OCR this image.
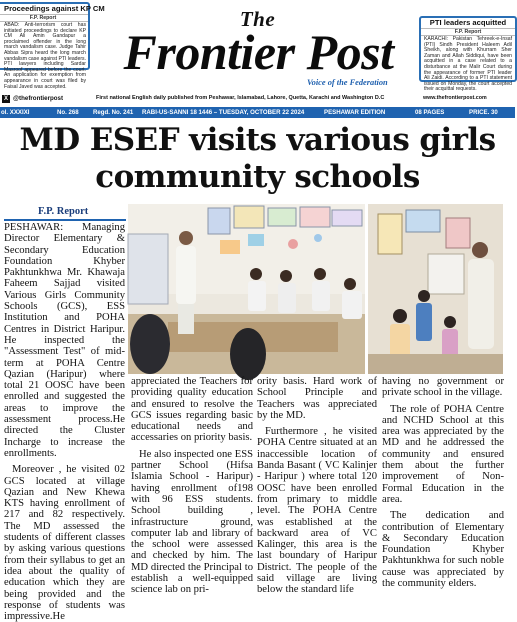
Proceedings against KP CM
F.P. Report
ABAD: Anti-terrorism court has initiated proceedings to declare KP CM Ali Amin Gandapur a proclaimed offender in the long march vandalism case. Judge Tahir Abbas Sipra heard the long march vandalism case against PTI leaders. PTI lawyers including Sardar Masroof appeared before the court. An application for exemption from appearance in court was filed by Faisal Javed was accepted.
The
Frontier Post
Voice of the Federation
PTI leaders acquitted
F.P. Report
KARACHI: Pakistan Tehreek-e-Insaf (PTI) Sindh President Haleem Adil Sheikh, along with Khurram Sher Zaman and Allah Siddiqui, have been acquitted in a case related to a disturbance at the Malir Court during the appearance of former PTI leader Ali Zaidi. According to a PTI statement issued on Monday, the court accepted their acquittal requests.
X @thefrontierpost	First national English daily published from Peshawar, Islamabad, Lahore, Quetta, Karachi and Washington D.C	www.thefrontierpost.com
ol. XXXIXI	No. 268 Regd. No. 241 RABI-US-SANNI 18 1446 – TUESDAY, OCTOBER 22 2024	PESHAWAR EDITION	08 PAGES	PRICE. 30
MD ESEF visits various girls community schools
F.P. Report

PESHAWAR: Managing Director Elementary & Secondary Education Foundation Khyber Pakhtunkhwa Mr. Khawaja Faheem Sajjad visited Various Girls Community Schools (GCS), ESS Institution and POHA Centres in District Haripur. He inspected the "Assessment Test" of mid-term at POHA Centre Qazian (Haripur) where total 21 OOSC have been enrolled and suggested the areas to improve the assessment process.He directed the Cluster Incharge to increase the enrollments.

Moreover , he visited 02 GCS located at village Qazian and New Khewa KTS having enrollment of 217 and 82 respectively. The MD assessed the students of different classes by asking various questions from their syllabus to get an idea about the quality of education which they are being provided and the response of students was impressive.He

appreciated the Teachers for providing quality education and ensured to resolve the GCS issues regarding basic educational needs and accessaries on priority basis.

He also inspected one ESS partner School (Hifsa Islamia School - Haripur) having enrollment of198 with 96 ESS students. School building , infrastructure ground, computer lab and library of the school were assessed and checked by him. The MD directed the Principal to establish a well-equipped science lab on pri-

ority basis. Hard work of School Principle and Teachers was appreciated by the MD.

Furthermore , he visited POHA Centre situated at an inaccessible location of Banda Basant ( VC Kalinjer - Haripur ) where total 120 OOSC have been enrolled from primary to middle level. The POHA Centre was established at the backward area of VC Kalinger, this area is the last boundary of Haripur District. The people of the said village are living below the standard life

having no government or private school in the village.

The role of POHA Centre and NCHD School at this area was appreciated by the MD and he addressed the community and ensured them about the further improvement of Non-Formal Education in the area.

The dedication and contribution of Elementary & Secondary Education Foundation Khyber Pakhtunkhwa for such noble cause was appreciated by the community elders.
